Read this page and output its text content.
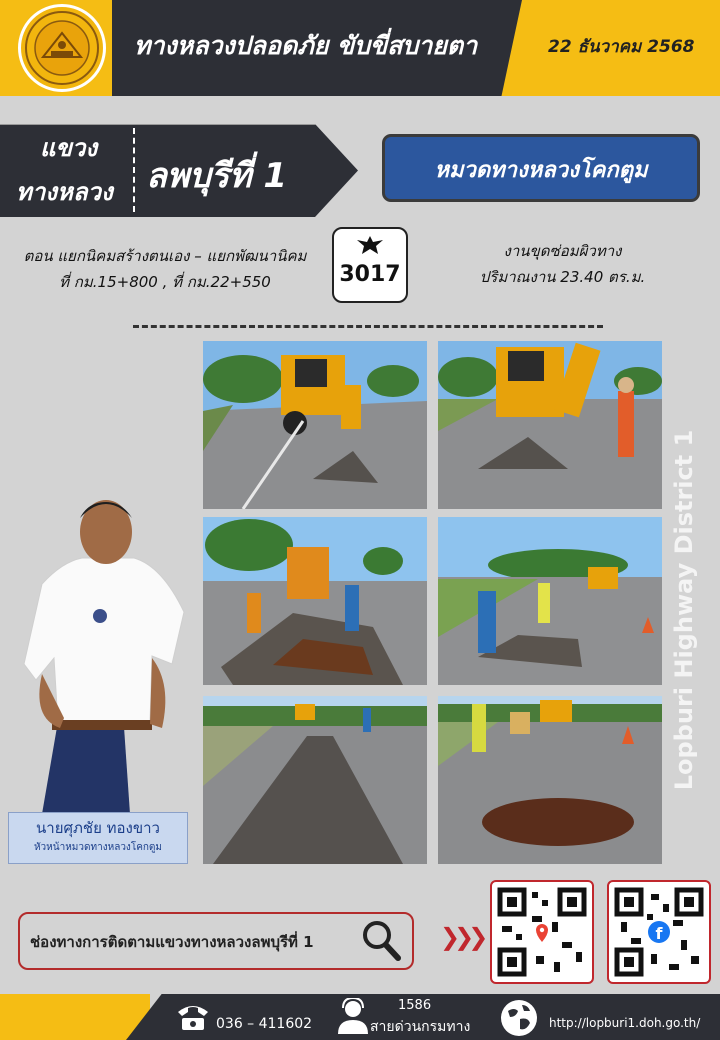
ทางหลวงปลอดภัย ขับขี่สบายตา	22 ธันวาคม 2568
แขวง
ทางหลวง ลพบุรีที่ 1	หมวดทางหลวงโคกตูม
ตอน แยกนิคมสร้างตนเอง – แยกพัฒนานิคม
ที่ กม.15+800 , ที่ กม.22+550	3017
งานขุดซ่อมผิวทาง
ปริมาณงาน 23.40 ตร.ม.
นายศุภชัย ทองขาว
หัวหน้าหมวดทางหลวงโคกตูม
Lopburi Highway District 1
ช่องทางการติดตามแขวงทางหลวงลพบุรีที่ 1	❯❯❯	f
036 – 411602
1586
สายด่วนกรมทาง	http://lopburi1.doh.go.th/
